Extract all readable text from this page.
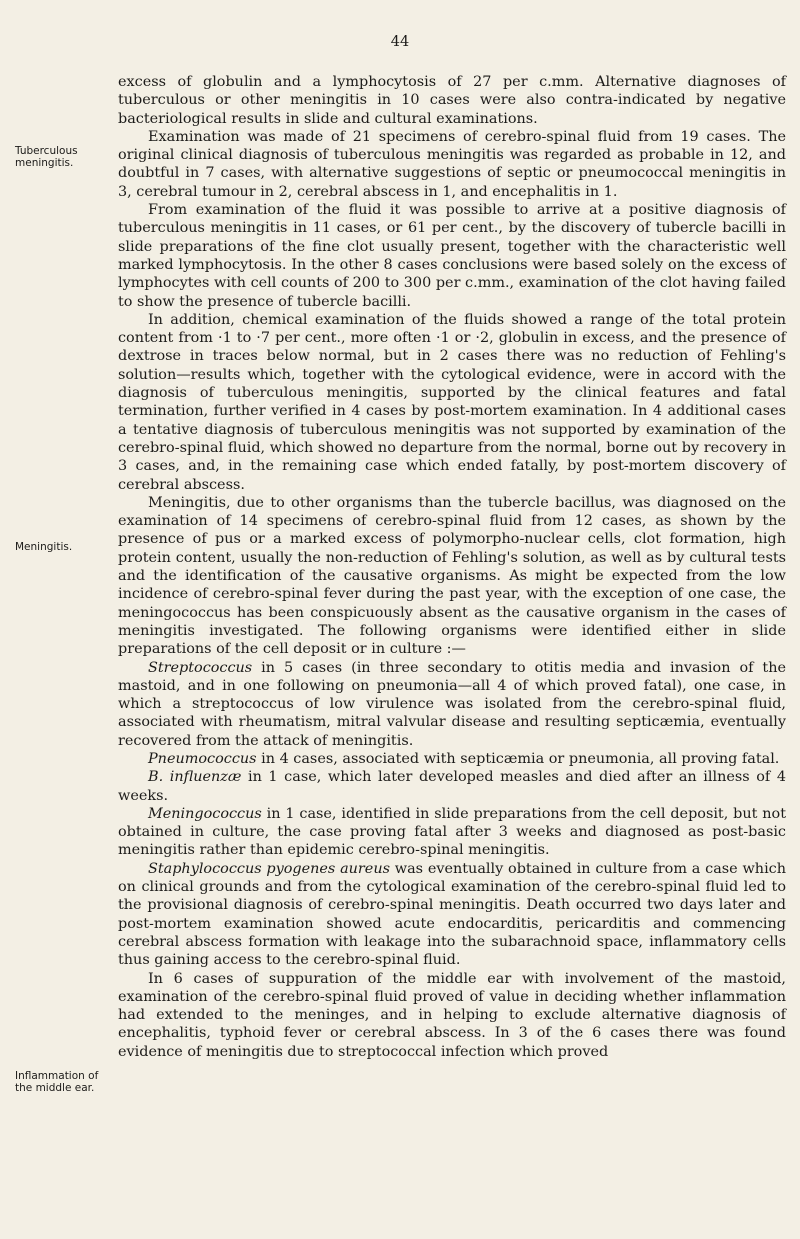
44
Tuberculous meningitis.
Meningitis.
Inflammation of the middle ear.

excess of globulin and a lymphocytosis of 27 per c.mm. Alternative diagnoses of tuberculous or other meningitis in 10 cases were also contra-indicated by negative bacteriological results in slide and cultural examinations.

Examination was made of 21 specimens of cerebro-spinal fluid from 19 cases. The original clinical diagnosis of tuberculous meningitis was regarded as probable in 12, and doubtful in 7 cases, with alternative suggestions of septic or pneumococcal meningitis in 3, cerebral tumour in 2, cerebral abscess in 1, and encephalitis in 1.

From examination of the fluid it was possible to arrive at a positive diagnosis of tuberculous meningitis in 11 cases, or 61 per cent., by the discovery of tubercle bacilli in slide preparations of the fine clot usually present, together with the characteristic well marked lymphocytosis. In the other 8 cases conclusions were based solely on the excess of lymphocytes with cell counts of 200 to 300 per c.mm., examination of the clot having failed to show the presence of tubercle bacilli.

In addition, chemical examination of the fluids showed a range of the total protein content from ·1 to ·7 per cent., more often ·1 or ·2, globulin in excess, and the presence of dextrose in traces below normal, but in 2 cases there was no reduction of Fehling's solution—results which, together with the cytological evidence, were in accord with the diagnosis of tuberculous meningitis, supported by the clinical features and fatal termination, further verified in 4 cases by post-mortem examination. In 4 additional cases a tentative diagnosis of tuberculous meningitis was not supported by examination of the cerebro-spinal fluid, which showed no departure from the normal, borne out by recovery in 3 cases, and, in the remaining case which ended fatally, by post-mortem discovery of cerebral abscess.

Meningitis, due to other organisms than the tubercle bacillus, was diagnosed on the examination of 14 specimens of cerebro-spinal fluid from 12 cases, as shown by the presence of pus or a marked excess of polymorpho-nuclear cells, clot formation, high protein content, usually the non-reduction of Fehling's solution, as well as by cultural tests and the identification of the causative organisms. As might be expected from the low incidence of cerebro-spinal fever during the past year, with the exception of one case, the meningococcus has been conspicuously absent as the causative organism in the cases of meningitis investigated. The following organisms were identified either in slide preparations of the cell deposit or in culture :—

Streptococcus in 5 cases (in three secondary to otitis media and invasion of the mastoid, and in one following on pneumonia—all 4 of which proved fatal), one case, in which a streptococcus of low virulence was isolated from the cerebro-spinal fluid, associated with rheumatism, mitral valvular disease and resulting septicæmia, eventually recovered from the attack of meningitis.

Pneumococcus in 4 cases, associated with septicæmia or pneumonia, all proving fatal.

B. influenzæ in 1 case, which later developed measles and died after an illness of 4 weeks.

Meningococcus in 1 case, identified in slide preparations from the cell deposit, but not obtained in culture, the case proving fatal after 3 weeks and diagnosed as post-basic meningitis rather than epidemic cerebro-spinal meningitis.

Staphylococcus pyogenes aureus was eventually obtained in culture from a case which on clinical grounds and from the cytological examination of the cerebro-spinal fluid led to the provisional diagnosis of cerebro-spinal meningitis. Death occurred two days later and post-mortem examination showed acute endocarditis, pericarditis and commencing cerebral abscess formation with leakage into the subarachnoid space, inflammatory cells thus gaining access to the cerebro-spinal fluid.

In 6 cases of suppuration of the middle ear with involvement of the mastoid, examination of the cerebro-spinal fluid proved of value in deciding whether inflammation had extended to the meninges, and in helping to exclude alternative diagnosis of encephalitis, typhoid fever or cerebral abscess. In 3 of the 6 cases there was found evidence of meningitis due to streptococcal infection which proved
